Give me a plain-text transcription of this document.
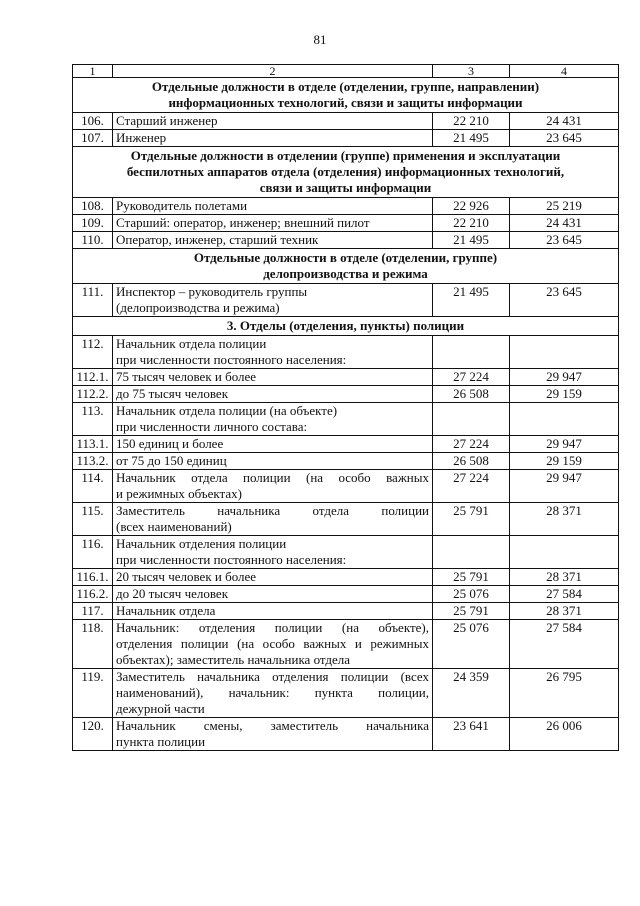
81
1	2	3	4

Отдельные должности в отделе (отделении, группе, направлении)
информационных технологий, связи и защиты информации			

106.	Старший инженер	22 210	24 431
107.	Инженер	21 495	23 645

Отдельные должности в отделении (группе) применения и эксплуатации
беспилотных аппаратов отдела (отделения) информационных технологий,
связи и защиты информации			

108.	Руководитель полетами	22 926	25 219
109.	Старший: оператор, инженер; внешний пилот	22 210	24 431
110.	Оператор, инженер, старший техник	21 495	23 645

Отдельные должности в отделе (отделении, группе)
делопроизводства и режима			

111.	Инспектор – руководитель группы
(делопроизводства и режима)	21 495	23 645

3. Отделы (отделения, пункты) полиции			

112.	Начальник отдела полиции
при численности постоянного населения:		

112.1.	75 тысяч человек и более	27 224	29 947
112.2.	до 75 тысяч человек	26 508	29 159
113.	Начальник отдела полиции (на объекте)
при численности личного состава:		

113.1.	150 единиц и более	27 224	29 947
113.2.	от 75 до 150 единиц	26 508	29 159
114.	Начальник отдела полиции (на особо важных
и режимных объектах)	27 224	29 947
115.	Заместитель начальника отдела полиции
(всех наименований)	25 791	28 371
116.	Начальник отделения полиции
при численности постоянного населения:		

116.1.	20 тысяч человек и более	25 791	28 371
116.2.	до 20 тысяч человек	25 076	27 584
117.	Начальник отдела	25 791	28 371
118.	Начальник: отделения полиции (на объекте),
отделения полиции (на особо важных и режимных
объектах); заместитель начальника отдела	25 076	27 584
119.	Заместитель начальника отделения полиции (всех
наименований), начальник: пункта полиции,
дежурной части	24 359	26 795
120.	Начальник смены, заместитель начальника
пункта полиции	23 641	26 006
